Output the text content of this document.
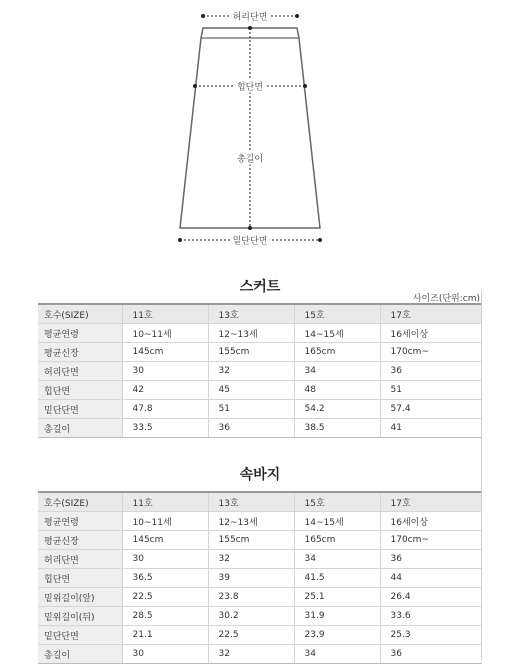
허리단면
힙단면
총길이
밑단단면
스커트
사이즈(단위:cm)
호수(SIZE)	11호	13호	15호	17호
평균연령	10~11세	12~13세	14~15세	16세이상
평균신장	145cm	155cm	165cm	170cm~
허리단면	30	32	34	36
힙단면	42	45	48	51
밑단단면	47.8	51	54.2	57.4
총길이	33.5	36	38.5	41
속바지
호수(SIZE)	11호	13호	15호	17호
평균연령	10~11세	12~13세	14~15세	16세이상
평균신장	145cm	155cm	165cm	170cm~
허리단면	30	32	34	36
힙단면	36.5	39	41.5	44
밑위길이(앞)	22.5	23.8	25.1	26.4
밑위길이(뒤)	28.5	30.2	31.9	33.6
밑단단면	21.1	22.5	23.9	25.3
총길이	30	32	34	36
